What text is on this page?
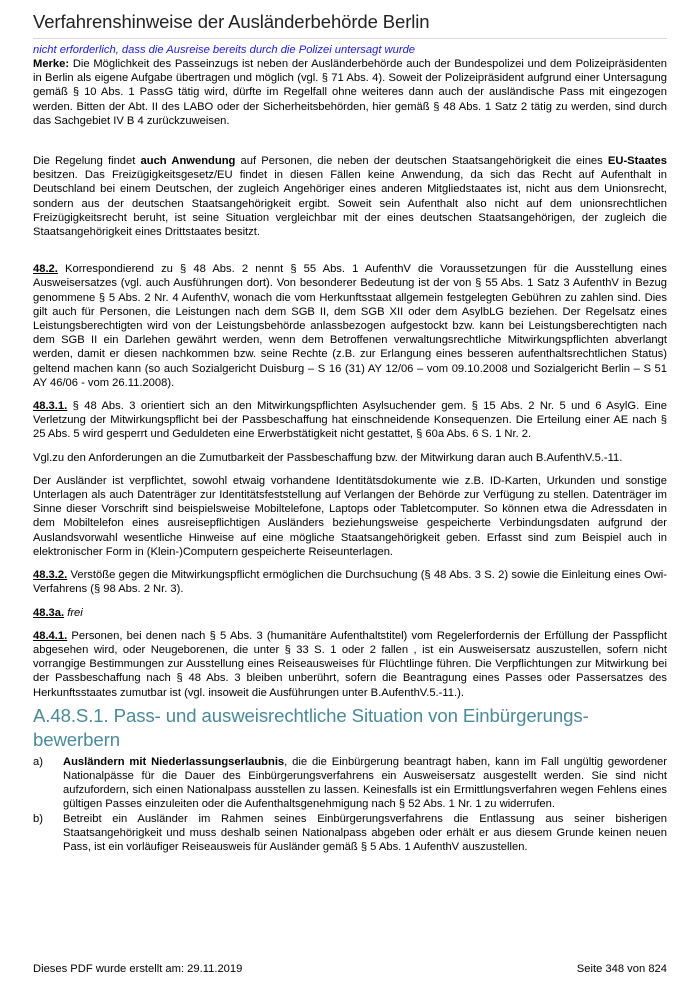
Verfahrenshinweise der Ausländerbehörde Berlin

nicht erforderlich, dass die Ausreise bereits durch die Polizei untersagt wurde

Merke: Die Möglichkeit des Passeinzugs ist neben der Ausländerbehörde auch der Bundespolizei und dem Polizeipräsidenten in Berlin als eigene Aufgabe übertragen und möglich (vgl. § 71 Abs. 4). Soweit der Polizeipräsident aufgrund einer Untersagung gemäß § 10 Abs. 1 PassG tätig wird, dürfte im Regelfall ohne weiteres dann auch der ausländische Pass mit eingezogen werden. Bitten der Abt. II des LABO oder der Sicherheitsbehörden, hier gemäß § 48 Abs. 1 Satz 2 tätig zu werden, sind durch das Sachgebiet IV B 4 zurückzuweisen.

Die Regelung findet auch Anwendung auf Personen, die neben der deutschen Staatsangehörigkeit die eines EU-Staates besitzen. Das Freizügigkeitsgesetz/EU findet in diesen Fällen keine Anwendung, da sich das Recht auf Aufenthalt in Deutschland bei einem Deutschen, der zugleich Angehöriger eines anderen Mitgliedstaates ist, nicht aus dem Unionsrecht, sondern aus der deutschen Staatsangehörigkeit ergibt. Soweit sein Aufenthalt also nicht auf dem unionsrechtlichen Freizügigkeitsrecht beruht, ist seine Situation vergleichbar mit der eines deutschen Staatsangehörigen, der zugleich die Staatsangehörigkeit eines Drittstaates besitzt.

48.2. Korrespondierend zu § 48 Abs. 2 nennt § 55 Abs. 1 AufenthV die Voraussetzungen für die Ausstellung eines Ausweisersatzes (vgl. auch Ausführungen dort). Von besonderer Bedeutung ist der von § 55 Abs. 1 Satz 3 AufenthV in Bezug genommene § 5 Abs. 2 Nr. 4 AufenthV, wonach die vom Herkunftsstaat allgemein festgelegten Gebühren zu zahlen sind. Dies gilt auch für Personen, die Leistungen nach dem SGB II, dem SGB XII oder dem AsylbLG beziehen. Der Regelsatz eines Leistungsberechtigten wird von der Leistungsbehörde anlassbezogen aufgestockt bzw. kann bei Leistungsberechtigten nach dem SGB II ein Darlehen gewährt werden, wenn dem Betroffenen verwaltungsrechtliche Mitwirkungspflichten abverlangt werden, damit er diesen nachkommen bzw. seine Rechte (z.B. zur Erlangung eines besseren aufenthaltsrechtlichen Status) geltend machen kann (so auch Sozialgericht Duisburg – S 16 (31) AY 12/06 – vom 09.10.2008 und Sozialgericht Berlin – S 51 AY 46/06 - vom 26.11.2008).

48.3.1. § 48 Abs. 3 orientiert sich an den Mitwirkungspflichten Asylsuchender gem. § 15 Abs. 2 Nr. 5 und 6 AsylG. Eine Verletzung der Mitwirkungspflicht bei der Passbeschaffung hat einschneidende Konsequenzen. Die Erteilung einer AE nach § 25 Abs. 5 wird gesperrt und Geduldeten eine Erwerbstätigkeit nicht gestattet, § 60a Abs. 6 S. 1 Nr. 2.

Vgl.zu den Anforderungen an die Zumutbarkeit der Passbeschaffung bzw. der Mitwirkung daran auch B.AufenthV.5.-11.

Der Ausländer ist verpflichtet, sowohl etwaig vorhandene Identitätsdokumente wie z.B. ID-Karten, Urkunden und sonstige Unterlagen als auch Datenträger zur Identitätsfeststellung auf Verlangen der Behörde zur Verfügung zu stellen. Datenträger im Sinne dieser Vorschrift sind beispielsweise Mobiltelefone, Laptops oder Tabletcomputer. So können etwa die Adressdaten in dem Mobiltelefon eines ausreisepflichtigen Ausländers beziehungsweise gespeicherte Verbindungsdaten aufgrund der Auslandsvorwahl wesentliche Hinweise auf eine mögliche Staatsangehörigkeit geben. Erfasst sind zum Beispiel auch in elektronischer Form in (Klein-)Computern gespeicherte Reiseunterlagen.

48.3.2. Verstöße gegen die Mitwirkungspflicht ermöglichen die Durchsuchung (§ 48 Abs. 3 S. 2) sowie die Einleitung eines Owi-Verfahrens (§ 98 Abs. 2 Nr. 3).

48.3a. frei

48.4.1. Personen, bei denen nach § 5 Abs. 3 (humanitäre Aufenthaltstitel) vom Regelerfordernis der Erfüllung der Passpflicht abgesehen wird, oder Neugeborenen, die unter § 33 S. 1 oder 2 fallen , ist ein Ausweisersatz auszustellen, sofern nicht vorrangige Bestimmungen zur Ausstellung eines Reiseausweises für Flüchtlinge führen. Die Verpflichtungen zur Mitwirkung bei der Passbeschaffung nach § 48 Abs. 3 bleiben unberührt, sofern die Beantragung eines Passes oder Passersatzes des Herkunftsstaates zumutbar ist (vgl. insoweit die Ausführungen unter B.AufenthV.5.-11.).

A.48.S.1. Pass- und ausweisrechtliche Situation von Einbürgerungs-bewerbern

a)	Ausländern mit Niederlassungserlaubnis, die die Einbürgerung beantragt haben, kann im Fall ungültig gewordener Nationalpässe für die Dauer des Einbürgerungsverfahrens ein Ausweisersatz ausgestellt werden. Sie sind nicht aufzufordern, sich einen Nationalpass ausstellen zu lassen. Keinesfalls ist ein Ermittlungsverfahren wegen Fehlens eines gültigen Passes einzuleiten oder die Aufenthaltsgenehmigung nach § 52 Abs. 1 Nr. 1 zu widerrufen.

b)	Betreibt ein Ausländer im Rahmen seines Einbürgerungsverfahrens die Entlassung aus seiner bisherigen Staatsangehörigkeit und muss deshalb seinen Nationalpass abgeben oder erhält er aus diesem Grunde keinen neuen Pass, ist ein vorläufiger Reiseausweis für Ausländer gemäß § 5 Abs. 1 AufenthV auszustellen.

Dieses PDF wurde erstellt am: 29.11.2019	Seite 348 von 824
